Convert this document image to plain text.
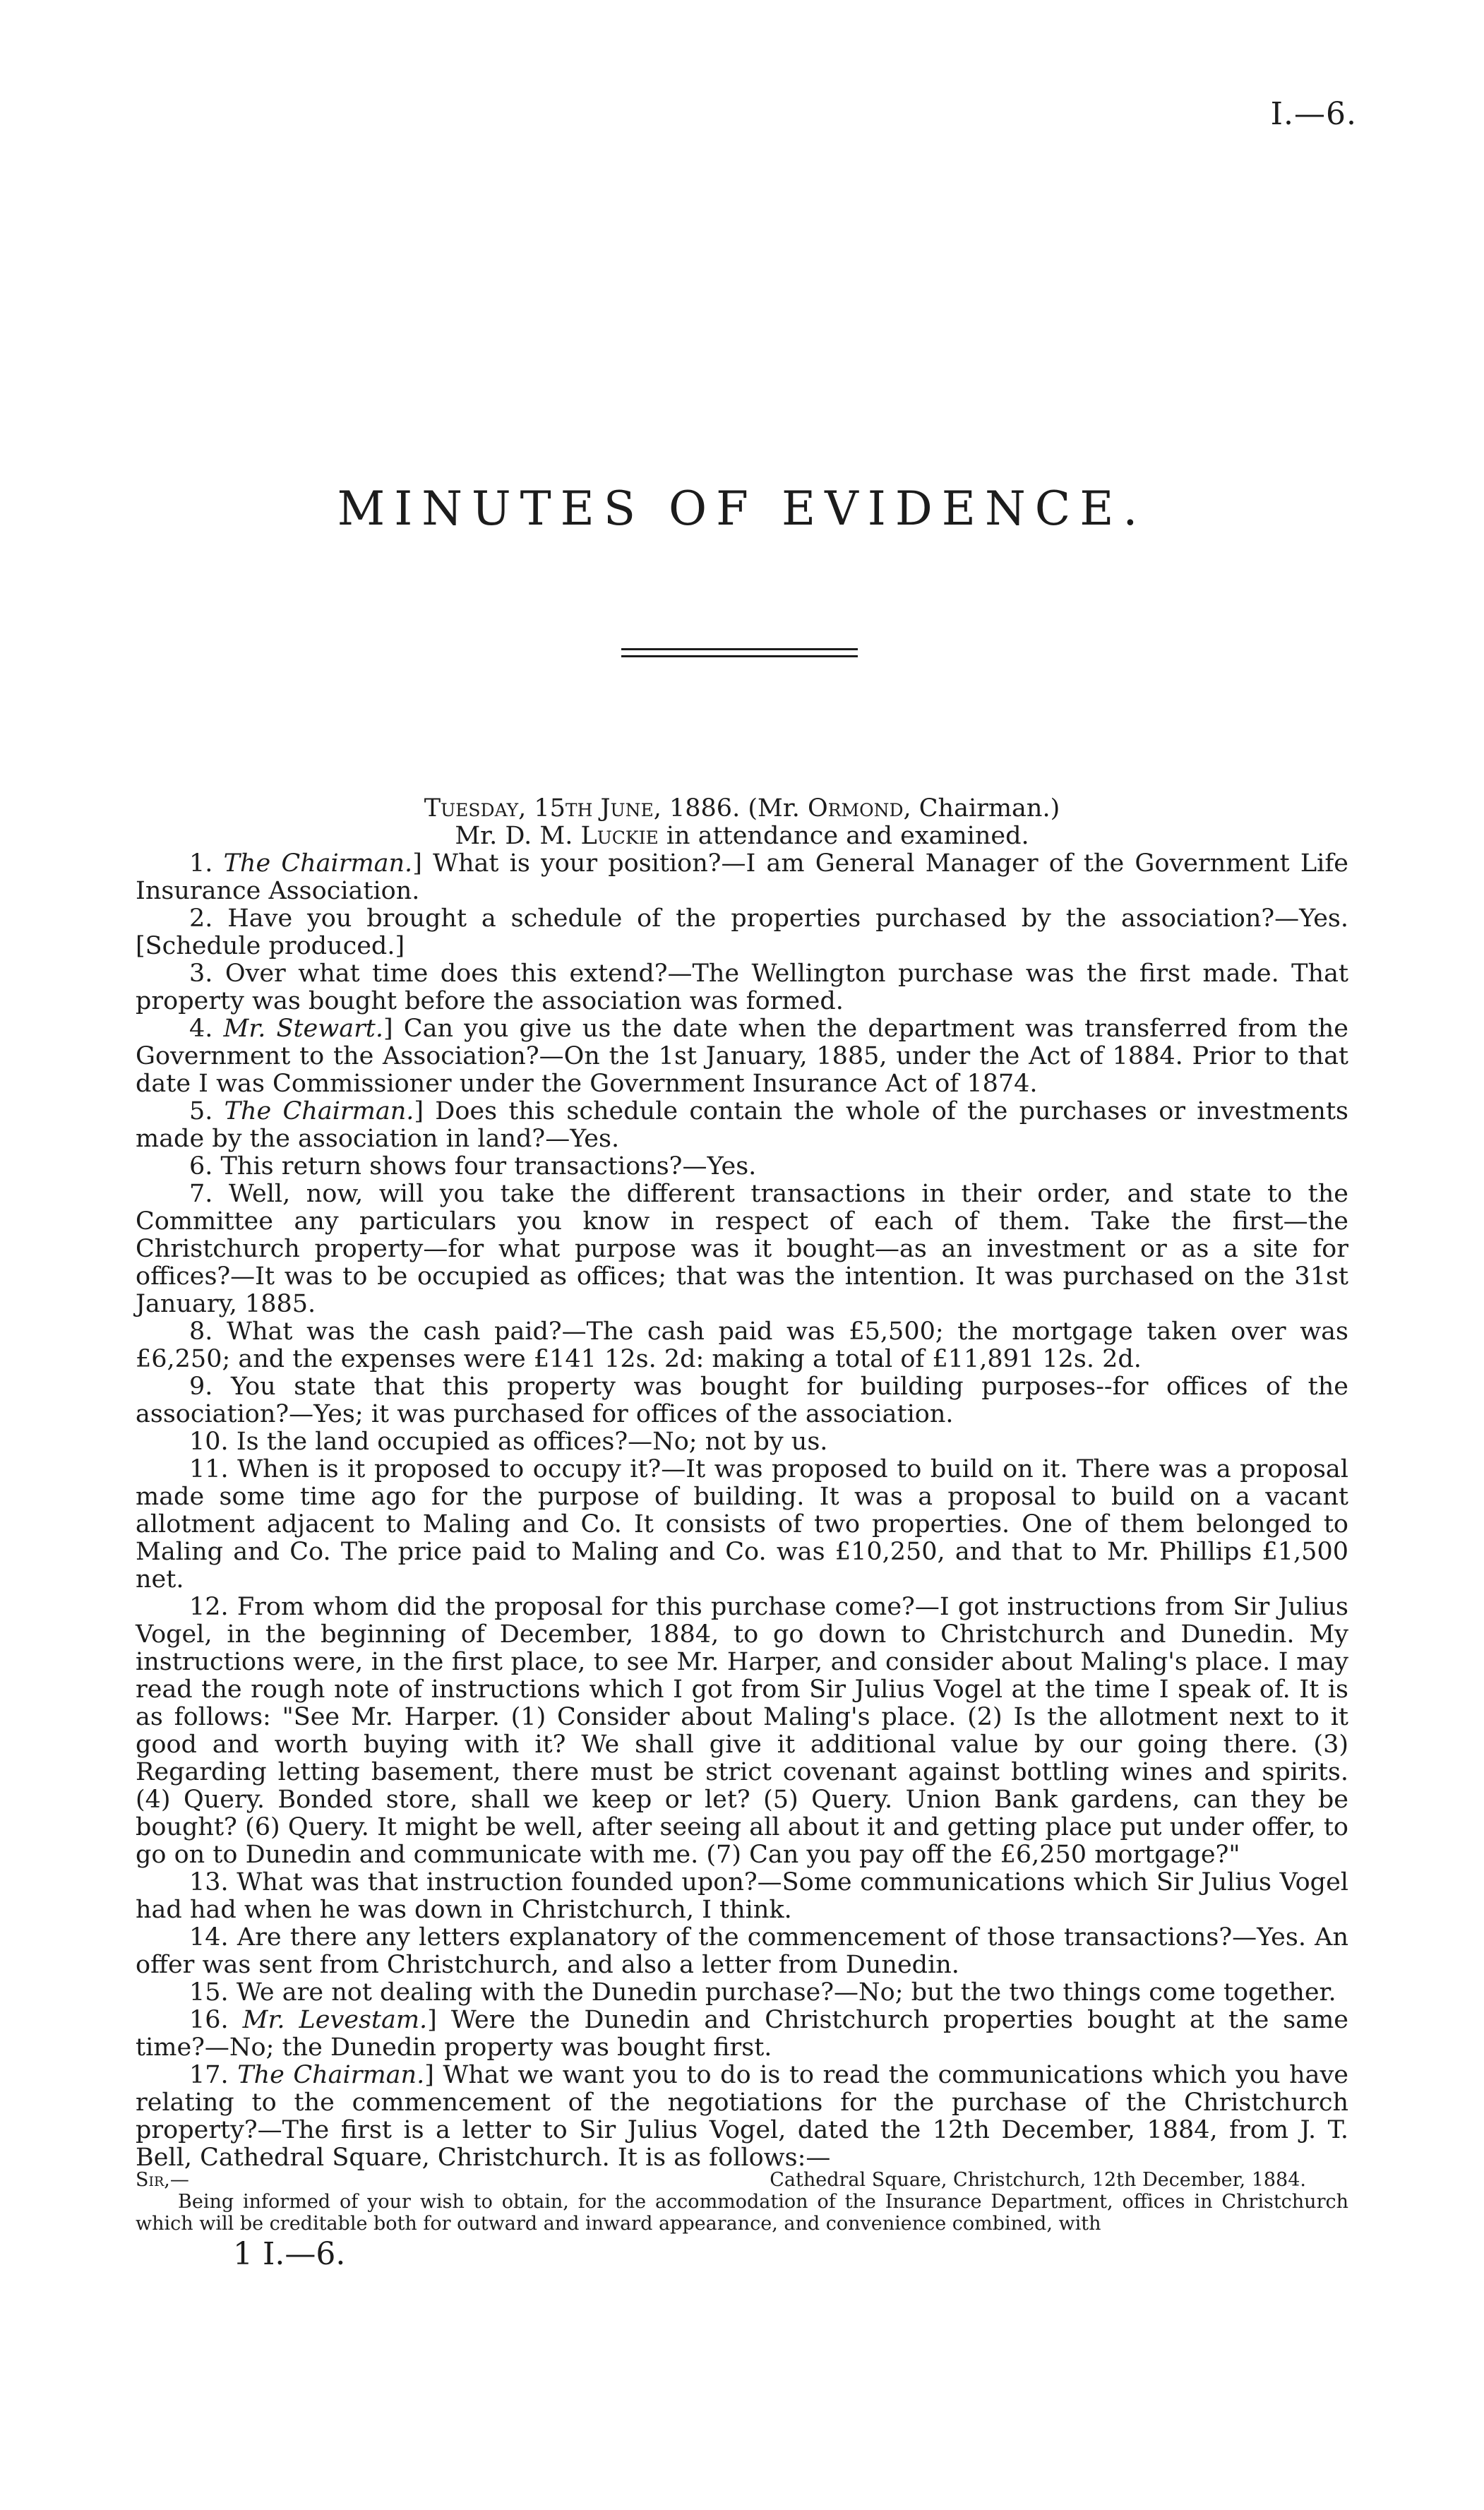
I.—6.
MINUTES OF EVIDENCE.

Tuesday, 15th June, 1886. (Mr. Ormond, Chairman.)

Mr. D. M. Luckie in attendance and examined.

1. The Chairman.] What is your position?—I am General Manager of the Government Life Insurance Association.

2. Have you brought a schedule of the properties purchased by the association?—Yes. [Schedule produced.]

3. Over what time does this extend?—The Wellington purchase was the first made. That property was bought before the association was formed.

4. Mr. Stewart.] Can you give us the date when the department was transferred from the Government to the Association?—On the 1st January, 1885, under the Act of 1884. Prior to that date I was Commissioner under the Government Insurance Act of 1874.

5. The Chairman.] Does this schedule contain the whole of the purchases or investments made by the association in land?—Yes.

6. This return shows four transactions?—Yes.

7. Well, now, will you take the different transactions in their order, and state to the Committee any particulars you know in respect of each of them. Take the first—the Christchurch property—for what purpose was it bought—as an investment or as a site for offices?—It was to be occupied as offices; that was the intention. It was purchased on the 31st January, 1885.

8. What was the cash paid?—The cash paid was £5,500; the mortgage taken over was £6,250; and the expenses were £141 12s. 2d: making a total of £11,891 12s. 2d.

9. You state that this property was bought for building purposes--for offices of the association?—Yes; it was purchased for offices of the association.

10. Is the land occupied as offices?—No; not by us.

11. When is it proposed to occupy it?—It was proposed to build on it. There was a proposal made some time ago for the purpose of building. It was a proposal to build on a vacant allotment adjacent to Maling and Co. It consists of two properties. One of them belonged to Maling and Co. The price paid to Maling and Co. was £10,250, and that to Mr. Phillips £1,500 net.

12. From whom did the proposal for this purchase come?—I got instructions from Sir Julius Vogel, in the beginning of December, 1884, to go down to Christchurch and Dunedin. My instructions were, in the first place, to see Mr. Harper, and consider about Maling's place. I may read the rough note of instructions which I got from Sir Julius Vogel at the time I speak of. It is as follows: "See Mr. Harper. (1) Consider about Maling's place. (2) Is the allotment next to it good and worth buying with it? We shall give it additional value by our going there. (3) Regarding letting basement, there must be strict covenant against bottling wines and spirits. (4) Query. Bonded store, shall we keep or let? (5) Query. Union Bank gardens, can they be bought? (6) Query. It might be well, after seeing all about it and getting place put under offer, to go on to Dunedin and communicate with me. (7) Can you pay off the £6,250 mortgage?"

13. What was that instruction founded upon?—Some communications which Sir Julius Vogel had had when he was down in Christchurch, I think.

14. Are there any letters explanatory of the commencement of those transactions?—Yes. An offer was sent from Christchurch, and also a letter from Dunedin.

15. We are not dealing with the Dunedin purchase?—No; but the two things come together.

16. Mr. Levestam.] Were the Dunedin and Christchurch properties bought at the same time?—No; the Dunedin property was bought first.

17. The Chairman.] What we want you to do is to read the communications which you have relating to the commencement of the negotiations for the purchase of the Christchurch property?—The first is a letter to Sir Julius Vogel, dated the 12th December, 1884, from J. T. Bell, Cathedral Square, Christchurch. It is as follows:—

Sir,—	Cathedral Square, Christchurch, 12th December, 1884.

Being informed of your wish to obtain, for the accommodation of the Insurance Department, offices in Christchurch which will be creditable both for outward and inward appearance, and convenience combined, with

1 I.—6.
